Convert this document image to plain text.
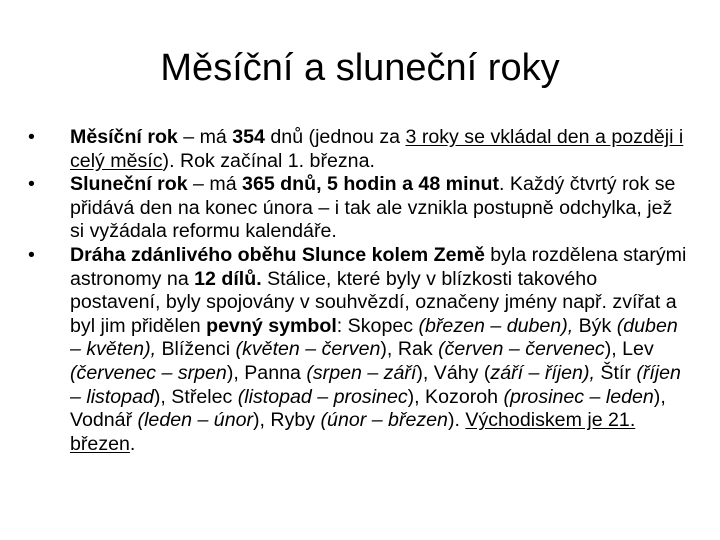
Měsíční a sluneční roky
•	Měsíční rok – má 354 dnů (jednou za 3 roky se vkládal den a později i celý měsíc). Rok začínal 1. března.
•	Sluneční rok – má 365 dnů, 5 hodin a 48 minut. Každý čtvrtý rok se přidává den na konec února – i tak ale vznikla postupně odchylka, jež si vyžádala reformu kalendáře.
•	Dráha zdánlivého oběhu Slunce kolem Země byla rozdělena starými astronomy na 12 dílů. Stálice, které byly v blízkosti takového postavení, byly spojovány v souhvězdí, označeny jmény např. zvířat a byl jim přidělen pevný symbol: Skopec (březen – duben), Býk (duben – květen), Blíženci (květen – červen), Rak (červen – červenec), Lev (červenec – srpen), Panna (srpen – září), Váhy (září – říjen), Štír (říjen – listopad), Střelec (listopad – prosinec), Kozoroh (prosinec – leden), Vodnář (leden – únor), Ryby (únor – březen). Východiskem je 21. březen.
